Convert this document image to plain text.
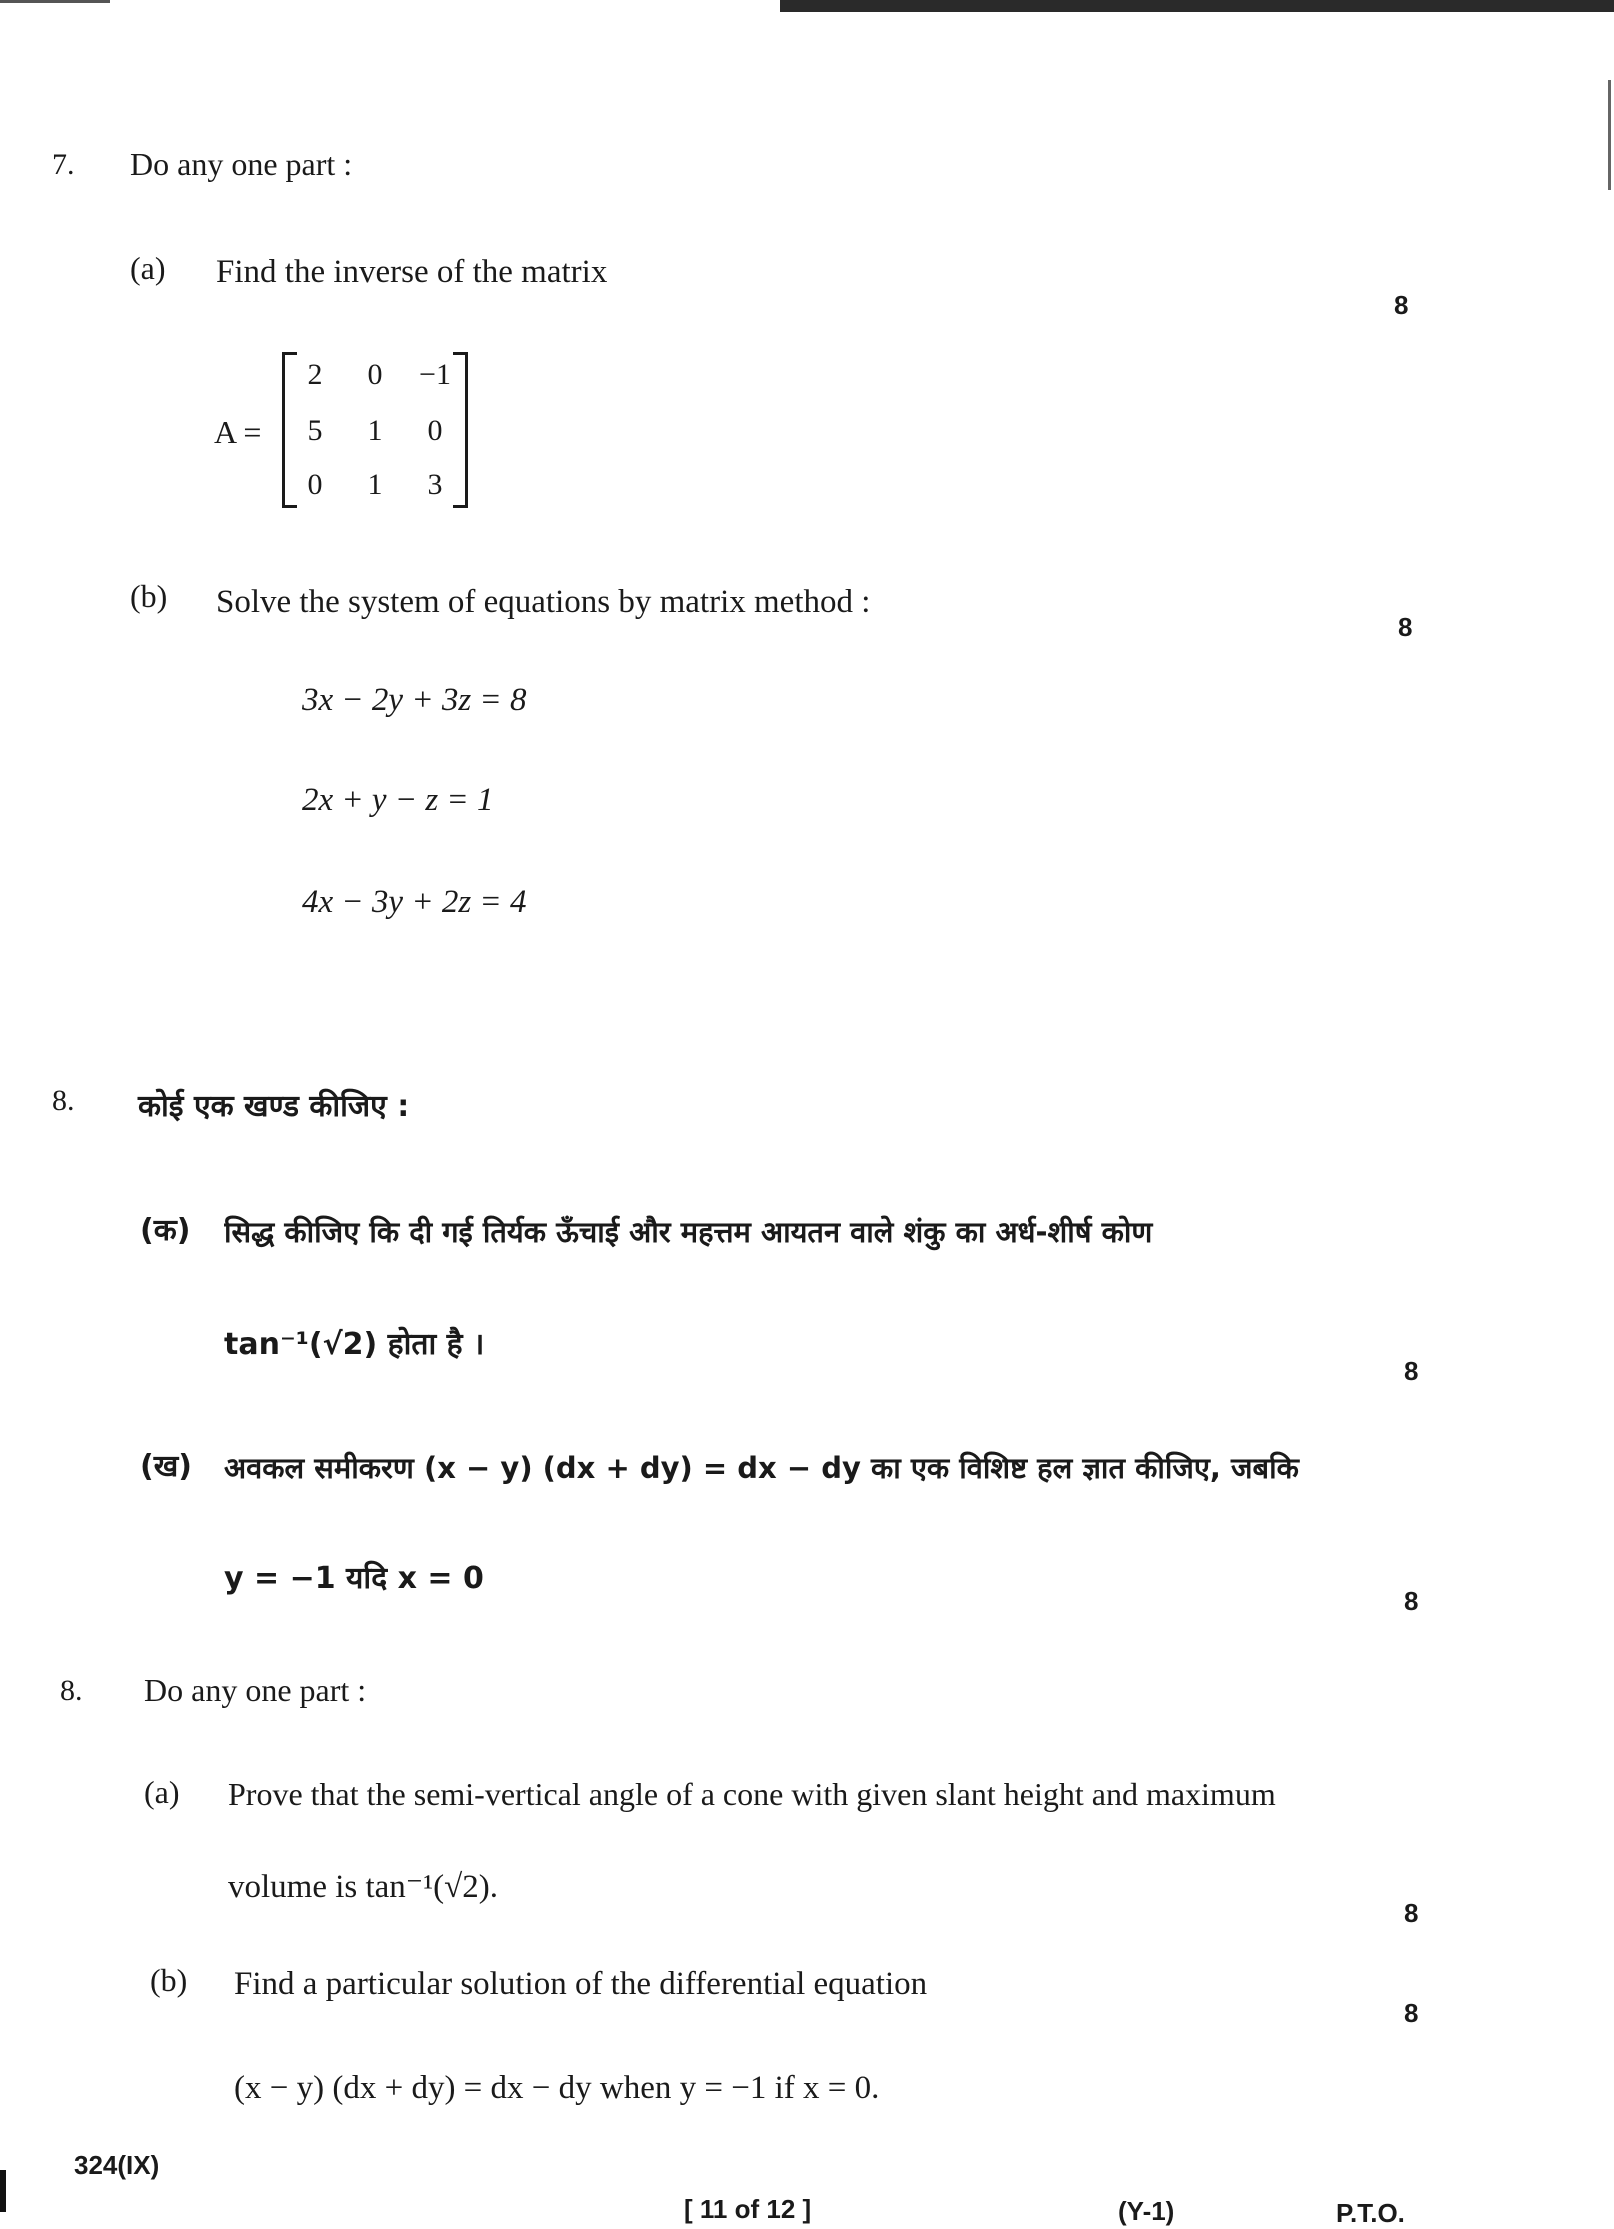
7. Do any one part :
(a) Find the inverse of the matrix
8
A =
2	0	−1
5	1	0
0	1	3
(b) Solve the system of equations by matrix method :
8
3x − 2y + 3z = 8
2x + y − z = 1
4x − 3y + 2z = 4
8. कोई एक खण्ड कीजिए :
(क) सिद्ध कीजिए कि दी गई तिर्यक ऊँचाई और महत्तम आयतन वाले शंकु का अर्ध-शीर्ष कोण
tan⁻¹(√2) होता है ।
8
(ख) अवकल समीकरण (x − y) (dx + dy) = dx − dy का एक विशिष्ट हल ज्ञात कीजिए, जबकि
y = −1 यदि x = 0
8
8. Do any one part :
(a) Prove that the semi-vertical angle of a cone with given slant height and maximum
volume is tan⁻¹(√2).
8
(b) Find a particular solution of the differential equation
8
(x − y) (dx + dy) = dx − dy when y = −1 if x = 0.
324(IX)
[ 11 of 12 ]	(Y-1)	P.T.O.
